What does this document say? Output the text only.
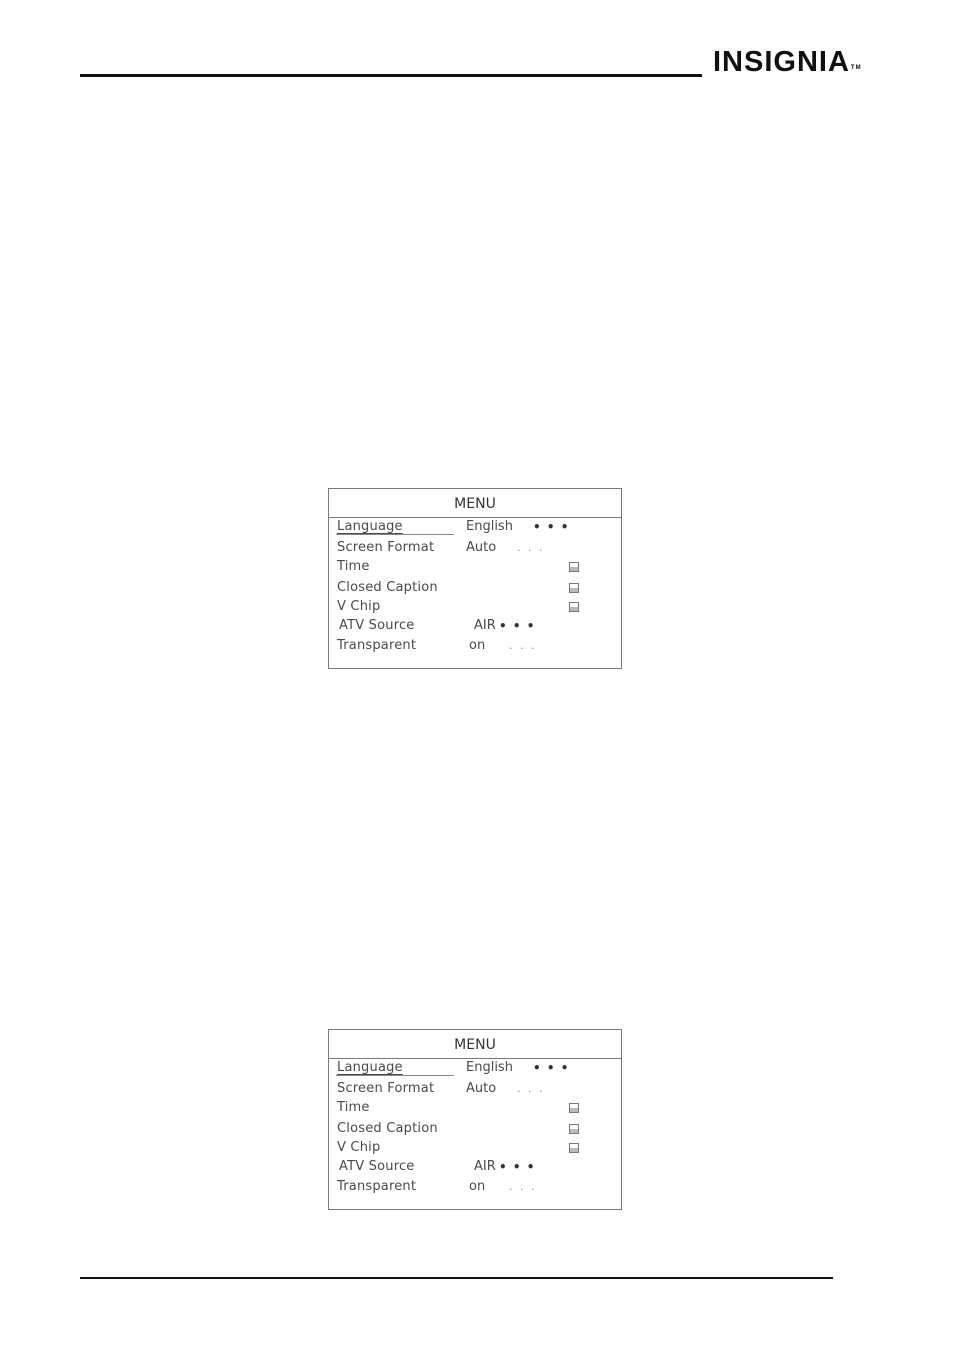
INSIGNIA™
MENU
Language	English • • •
Screen Format Auto . . .
Time
Closed Caption
V Chip
ATV Source	AIR • • •
Transparent	on . . .
MENU
Language	English • • •
Screen Format Auto . . .
Time
Closed Caption
V Chip
ATV Source	AIR • • •
Transparent	on . . .
